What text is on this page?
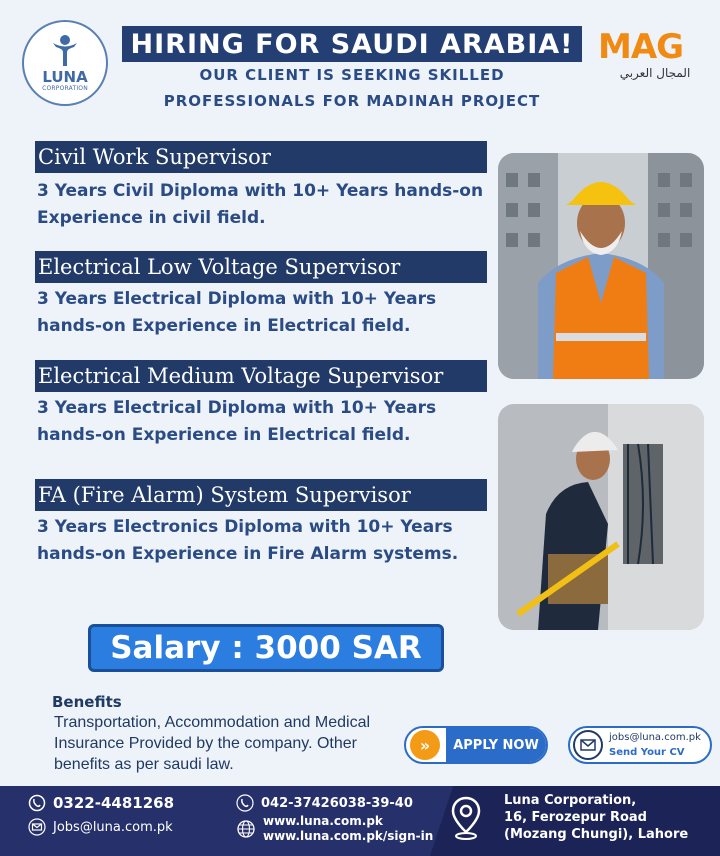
LUNA
CORPORATION
HIRING FOR SAUDI ARABIA!
OUR CLIENT IS SEEKING SKILLED
PROFESSIONALS FOR MADINAH PROJECT
MAG
المجال العربي
Civil Work Supervisor
3 Years Civil Diploma with 10+ Years hands-on Experience in civil field.
Electrical Low Voltage Supervisor
3 Years Electrical Diploma with 10+ Years hands-on Experience in Electrical field.
Electrical Medium Voltage Supervisor
3 Years Electrical Diploma with 10+ Years hands-on Experience in Electrical field.
FA (Fire Alarm) System Supervisor
3 Years Electronics Diploma with 10+ Years hands-on Experience in Fire Alarm systems.
Salary : 3000 SAR
Benefits
Transportation, Accommodation and Medical Insurance Provided by the company. Other benefits as per saudi law.
»	APPLY NOW	jobs@luna.com.pk
Send Your CV
0322-4481268
Jobs@luna.com.pk
042-37426038-39-40
www.luna.com.pk
www.luna.com.pk/sign-in
Luna Corporation,
16, Ferozepur Road
(Mozang Chungi), Lahore
